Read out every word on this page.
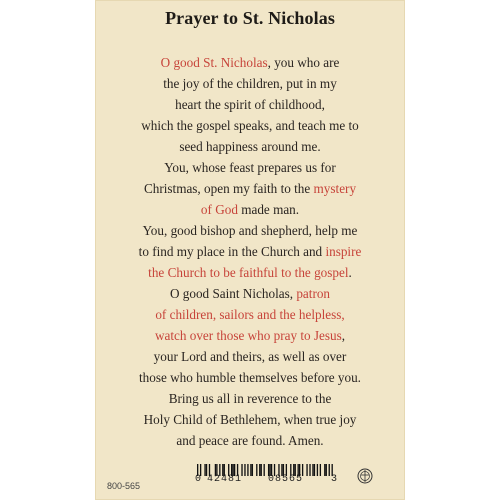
Prayer to St. Nicholas
O good St. Nicholas, you who are
the joy of the children, put in my
heart the spirit of childhood,
which the gospel speaks, and teach me to
seed happiness around me.
You, whose feast prepares us for
Christmas, open my faith to the mystery
of God made man.
You, good bishop and shepherd, help me
to find my place in the Church and inspire
the Church to be faithful to the gospel.
O good Saint Nicholas, patron
of children, sailors and the helpless,
watch over those who pray to Jesus,
your Lord and theirs, as well as over
those who humble themselves before you.
Bring us all in reverence to the
Holy Child of Bethlehem, when true joy
and peace are found. Amen.
800-565
0 42481	08565	3
